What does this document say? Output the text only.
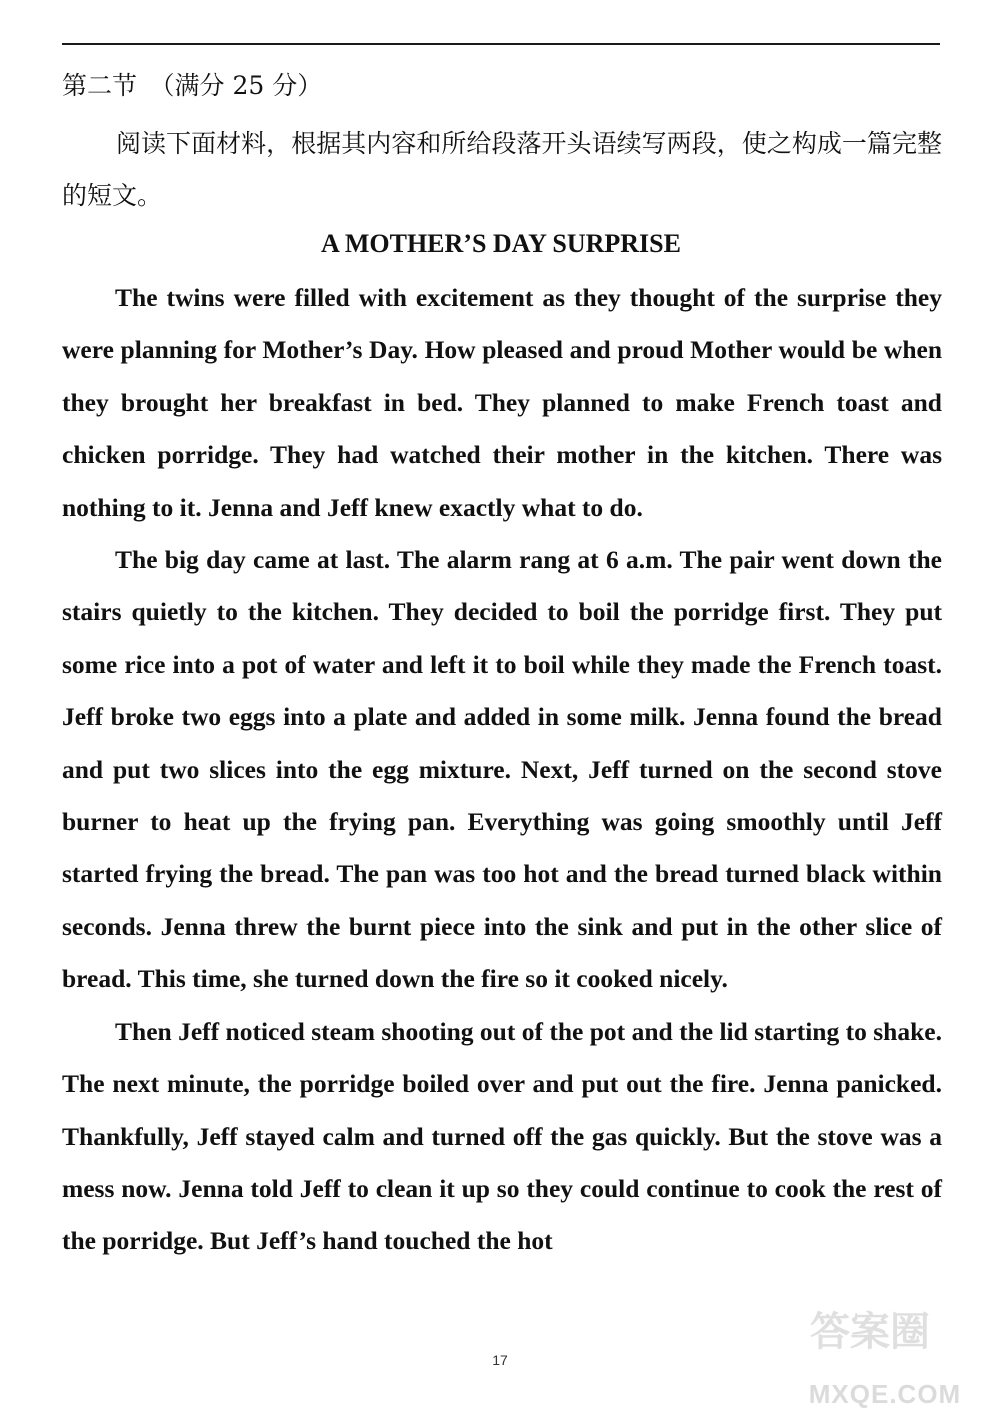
第二节　（满分 25 分）
阅读下面材料，根据其内容和所给段落开头语续写两段，使之构成一篇完整的短文。
A MOTHER’S DAY SURPRISE

The twins were filled with excitement as they thought of the surprise they were planning for Mother’s Day. How pleased and proud Mother would be when they brought her breakfast in bed. They planned to make French toast and chicken porridge. They had watched their mother in the kitchen. There was nothing to it. Jenna and Jeff knew exactly what to do.

The big day came at last. The alarm rang at 6 a.m. The pair went down the stairs quietly to the kitchen. They decided to boil the porridge first. They put some rice into a pot of water and left it to boil while they made the French toast. Jeff broke two eggs into a plate and added in some milk. Jenna found the bread and put two slices into the egg mixture. Next, Jeff turned on the second stove burner to heat up the frying pan. Everything was going smoothly until Jeff started frying the bread. The pan was too hot and the bread turned black within seconds. Jenna threw the burnt piece into the sink and put in the other slice of bread. This time, she turned down the fire so it cooked nicely.

Then Jeff noticed steam shooting out of the pot and the lid starting to shake. The next minute, the porridge boiled over and put out the fire. Jenna panicked. Thankfully, Jeff stayed calm and turned off the gas quickly. But the stove was a mess now. Jenna told Jeff to clean it up so they could continue to cook the rest of the porridge. But Jeff’s hand touched the hot

17
答案圈
MXQE.COM
